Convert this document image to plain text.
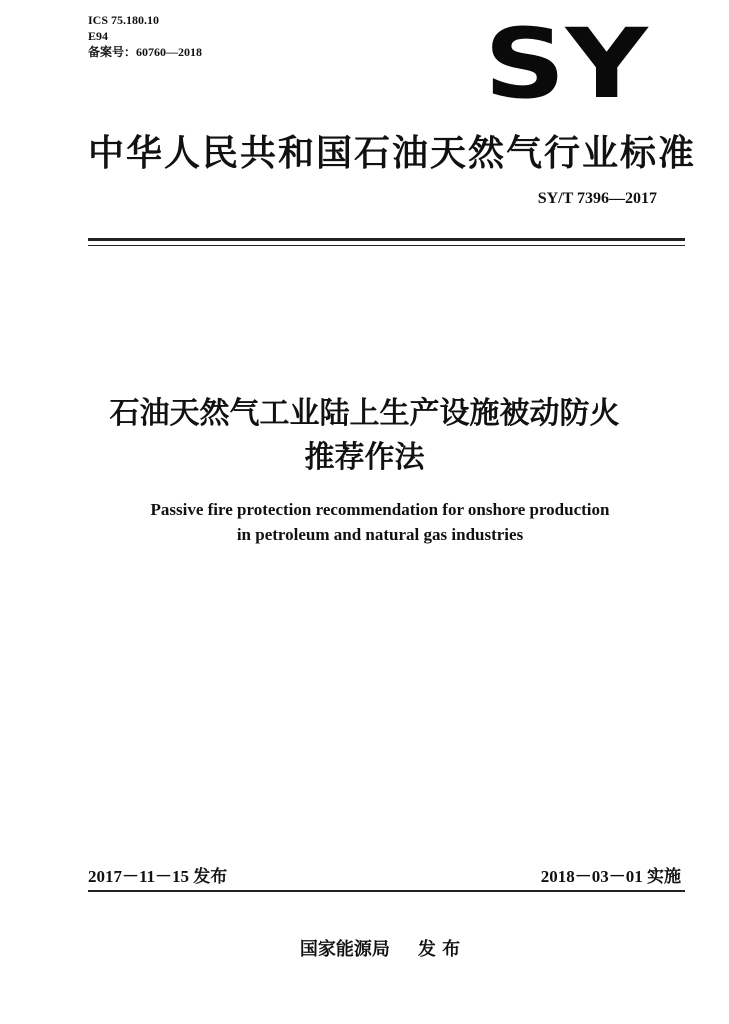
ICS 75.180.10
E94
备案号：60760—2018	SY
中华人民共和国石油天然气行业标准
SY/T 7396—2017
石油天然气工业陆上生产设施被动防火
推荐作法
Passive fire protection recommendation for onshore production
in petroleum and natural gas industries
2017－11－15 发布	2018－03－01 实施
国家能源局 发 布
